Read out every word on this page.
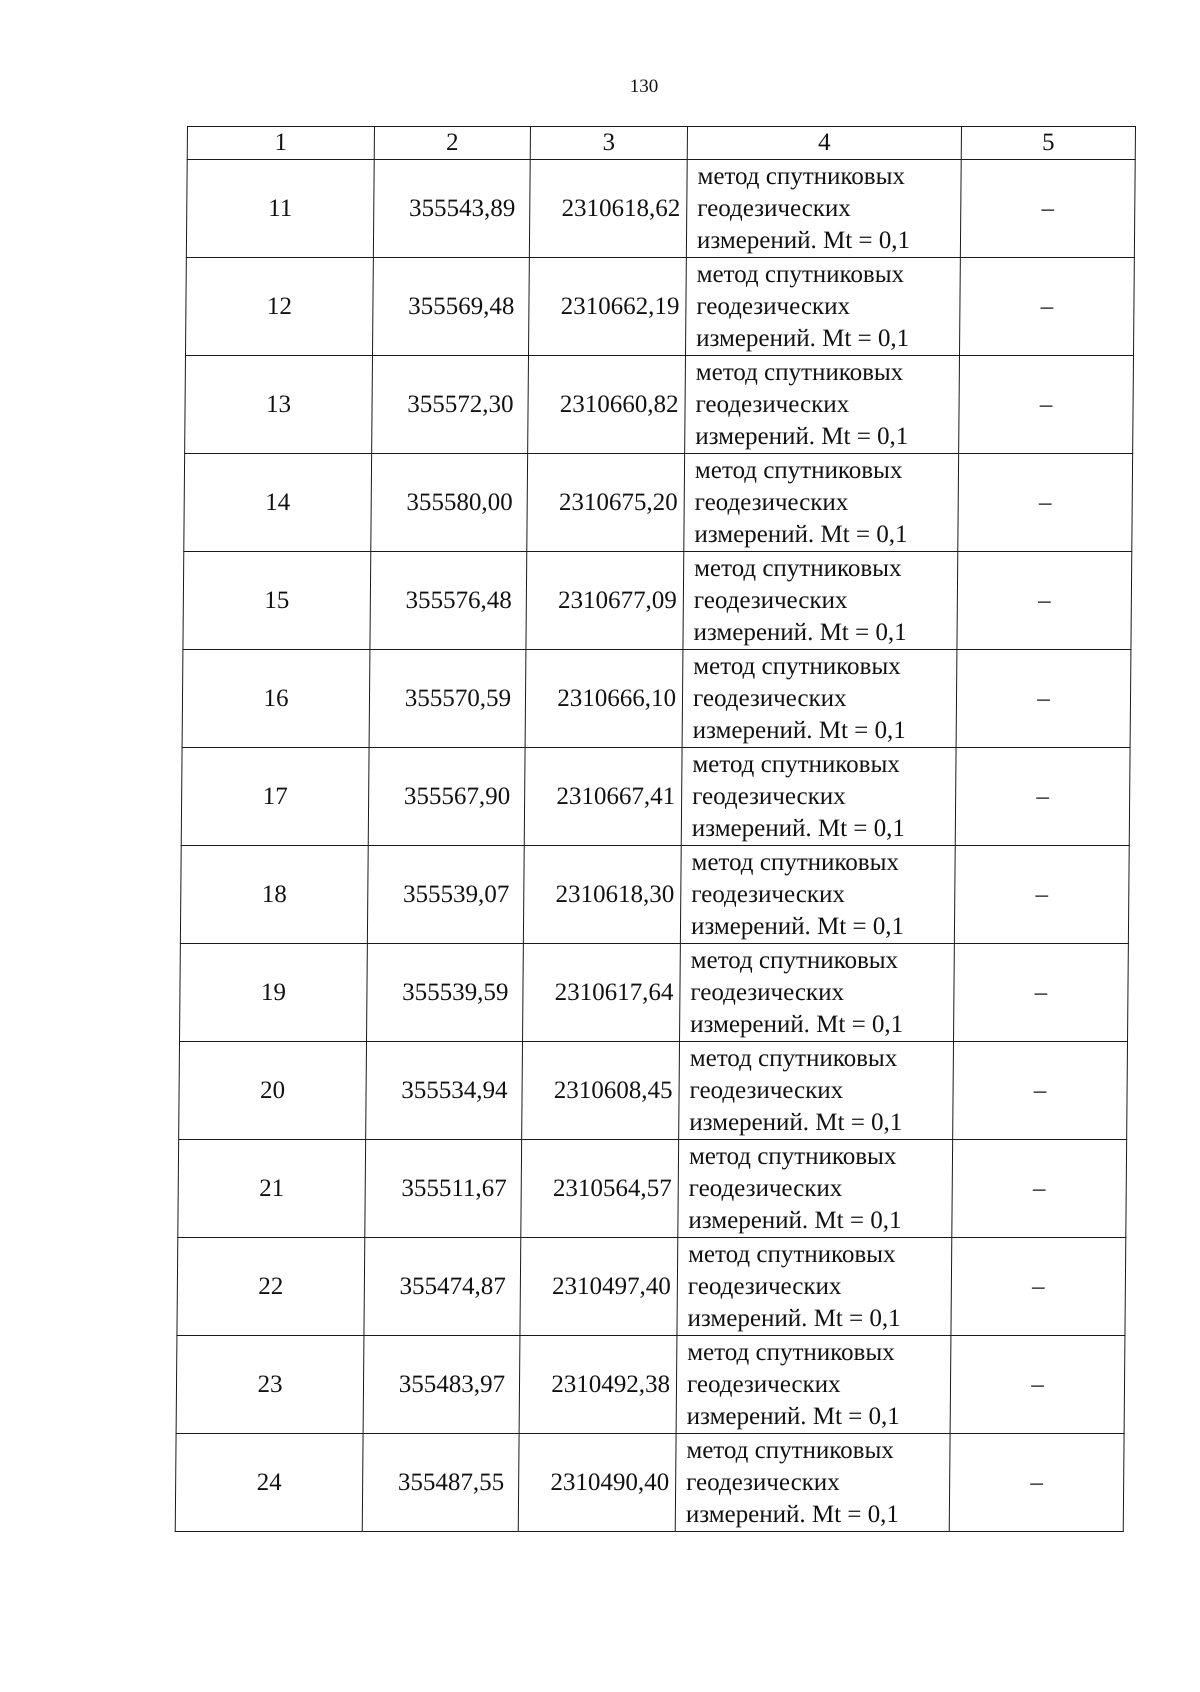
130
1	2	3	4	5
11	355543,89	2310618,62	метод спутниковых
геодезических
измерений. Mt = 0,1	–
12	355569,48	2310662,19	метод спутниковых
геодезических
измерений. Mt = 0,1	–
13	355572,30	2310660,82	метод спутниковых
геодезических
измерений. Mt = 0,1	–
14	355580,00	2310675,20	метод спутниковых
геодезических
измерений. Mt = 0,1	–
15	355576,48	2310677,09	метод спутниковых
геодезических
измерений. Mt = 0,1	–
16	355570,59	2310666,10	метод спутниковых
геодезических
измерений. Mt = 0,1	–
17	355567,90	2310667,41	метод спутниковых
геодезических
измерений. Mt = 0,1	–
18	355539,07	2310618,30	метод спутниковых
геодезических
измерений. Mt = 0,1	–
19	355539,59	2310617,64	метод спутниковых
геодезических
измерений. Mt = 0,1	–
20	355534,94	2310608,45	метод спутниковых
геодезических
измерений. Mt = 0,1	–
21	355511,67	2310564,57	метод спутниковых
геодезических
измерений. Mt = 0,1	–
22	355474,87	2310497,40	метод спутниковых
геодезических
измерений. Mt = 0,1	–
23	355483,97	2310492,38	метод спутниковых
геодезических
измерений. Mt = 0,1	–
24	355487,55	2310490,40	метод спутниковых
геодезических
измерений. Mt = 0,1	–
